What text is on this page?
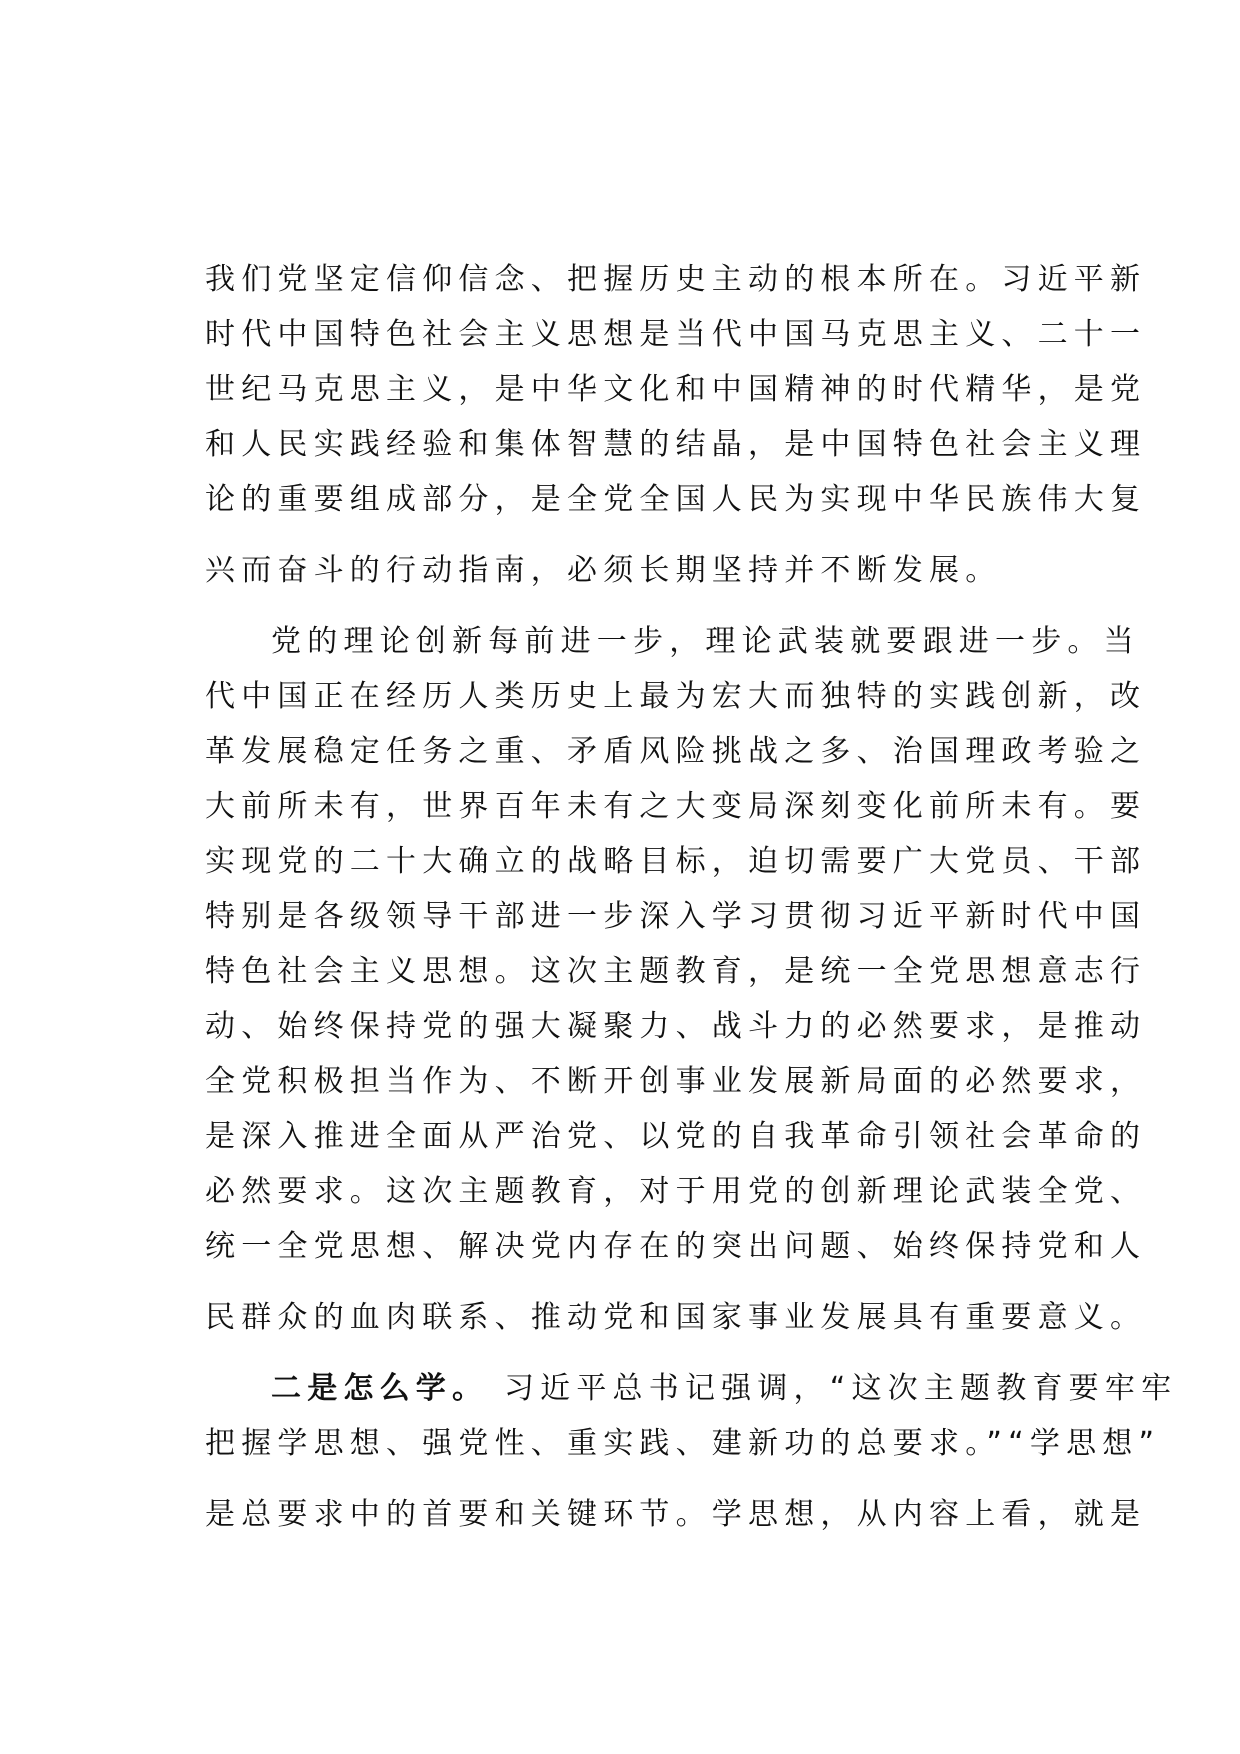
我们党坚定信仰信念、把握历史主动的根本所在。习近平新
时代中国特色社会主义思想是当代中国马克思主义、二十一
世纪马克思主义，是中华文化和中国精神的时代精华，是党
和人民实践经验和集体智慧的结晶，是中国特色社会主义理
论的重要组成部分，是全党全国人民为实现中华民族伟大复
兴而奋斗的行动指南，必须长期坚持并不断发展。
党的理论创新每前进一步，理论武装就要跟进一步。当
代中国正在经历人类历史上最为宏大而独特的实践创新，改
革发展稳定任务之重、矛盾风险挑战之多、治国理政考验之
大前所未有，世界百年未有之大变局深刻变化前所未有。要
实现党的二十大确立的战略目标，迫切需要广大党员、干部
特别是各级领导干部进一步深入学习贯彻习近平新时代中国
特色社会主义思想。这次主题教育，是统一全党思想意志行
动、始终保持党的强大凝聚力、战斗力的必然要求，是推动
全党积极担当作为、不断开创事业发展新局面的必然要求，
是深入推进全面从严治党、以党的自我革命引领社会革命的
必然要求。这次主题教育，对于用党的创新理论武装全党、
统一全党思想、解决党内存在的突出问题、始终保持党和人
民群众的血肉联系、推动党和国家事业发展具有重要意义。
二是怎么学。 习近平总书记强调，“这次主题教育要牢牢
把握学思想、强党性、重实践、建新功的总要求。”“学思想”
是总要求中的首要和关键环节。学思想，从内容上看，就是
